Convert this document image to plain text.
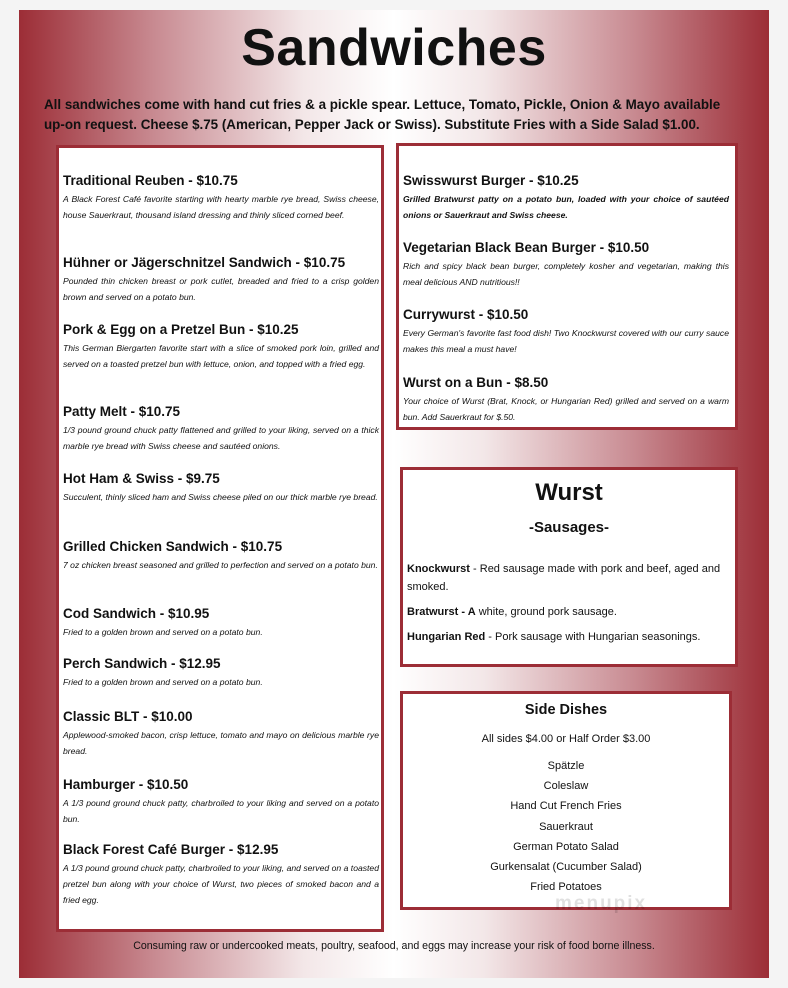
Sandwiches
All sandwiches come with hand cut fries & a pickle spear. Lettuce, Tomato, Pickle, Onion & Mayo available up-on request. Cheese $.75 (American, Pepper Jack or Swiss). Substitute Fries with a Side Salad $1.00.
Traditional Reuben - $10.75
A Black Forest Café favorite starting with hearty marble rye bread, Swiss cheese, house Sauerkraut, thousand island dressing and thinly sliced corned beef.
Hühner or Jägerschnitzel Sandwich - $10.75
Pounded thin chicken breast or pork cutlet, breaded and fried to a crisp golden brown and served on a potato bun.
Pork & Egg on a Pretzel Bun - $10.25
This German Biergarten favorite start with a slice of smoked pork loin, grilled and served on a toasted pretzel bun with lettuce, onion, and topped with a fried egg.
Patty Melt - $10.75
1/3 pound ground chuck patty flattened and grilled to your liking, served on a thick marble rye bread with Swiss cheese and sautéed onions.
Hot Ham & Swiss - $9.75
Succulent, thinly sliced ham and Swiss cheese piled on our thick marble rye bread.
Grilled Chicken Sandwich - $10.75
7 oz chicken breast seasoned and grilled to perfection and served on a potato bun.
Cod Sandwich - $10.95
Fried to a golden brown and served on a potato bun.
Perch Sandwich - $12.95
Fried to a golden brown and served on a potato bun.
Classic BLT - $10.00
Applewood-smoked bacon, crisp lettuce, tomato and mayo on delicious marble rye bread.
Hamburger - $10.50
A 1/3 pound ground chuck patty, charbroiled to your liking and served on a potato bun.
Black Forest Café Burger - $12.95
A 1/3 pound ground chuck patty, charbroiled to your liking, and served on a toasted pretzel bun along with your choice of Wurst, two pieces of smoked bacon and a fried egg.
Swisswurst Burger - $10.25
Grilled Bratwurst patty on a potato bun, loaded with your choice of sautéed onions or Sauerkraut and Swiss cheese.
Vegetarian Black Bean Burger - $10.50
Rich and spicy black bean burger, completely kosher and vegetarian, making this meal delicious AND nutritious!!
Currywurst - $10.50
Every German's favorite fast food dish! Two Knockwurst covered with our curry sauce makes this meal a must have!
Wurst on a Bun - $8.50
Your choice of Wurst (Brat, Knock, or Hungarian Red) grilled and served on a warm bun. Add Sauerkraut for $.50.
Wurst
-Sausages-
Knockwurst - Red sausage made with pork and beef, aged and smoked.
Bratwurst - A white, ground pork sausage.
Hungarian Red - Pork sausage with Hungarian seasonings.
Side Dishes
All sides $4.00 or Half Order $3.00
Spätzle
Coleslaw
Hand Cut French Fries
Sauerkraut
German Potato Salad
Gurkensalat (Cucumber Salad)
Fried Potatoes
menupix
Consuming raw or undercooked meats, poultry, seafood, and eggs may increase your risk of food borne illness.
